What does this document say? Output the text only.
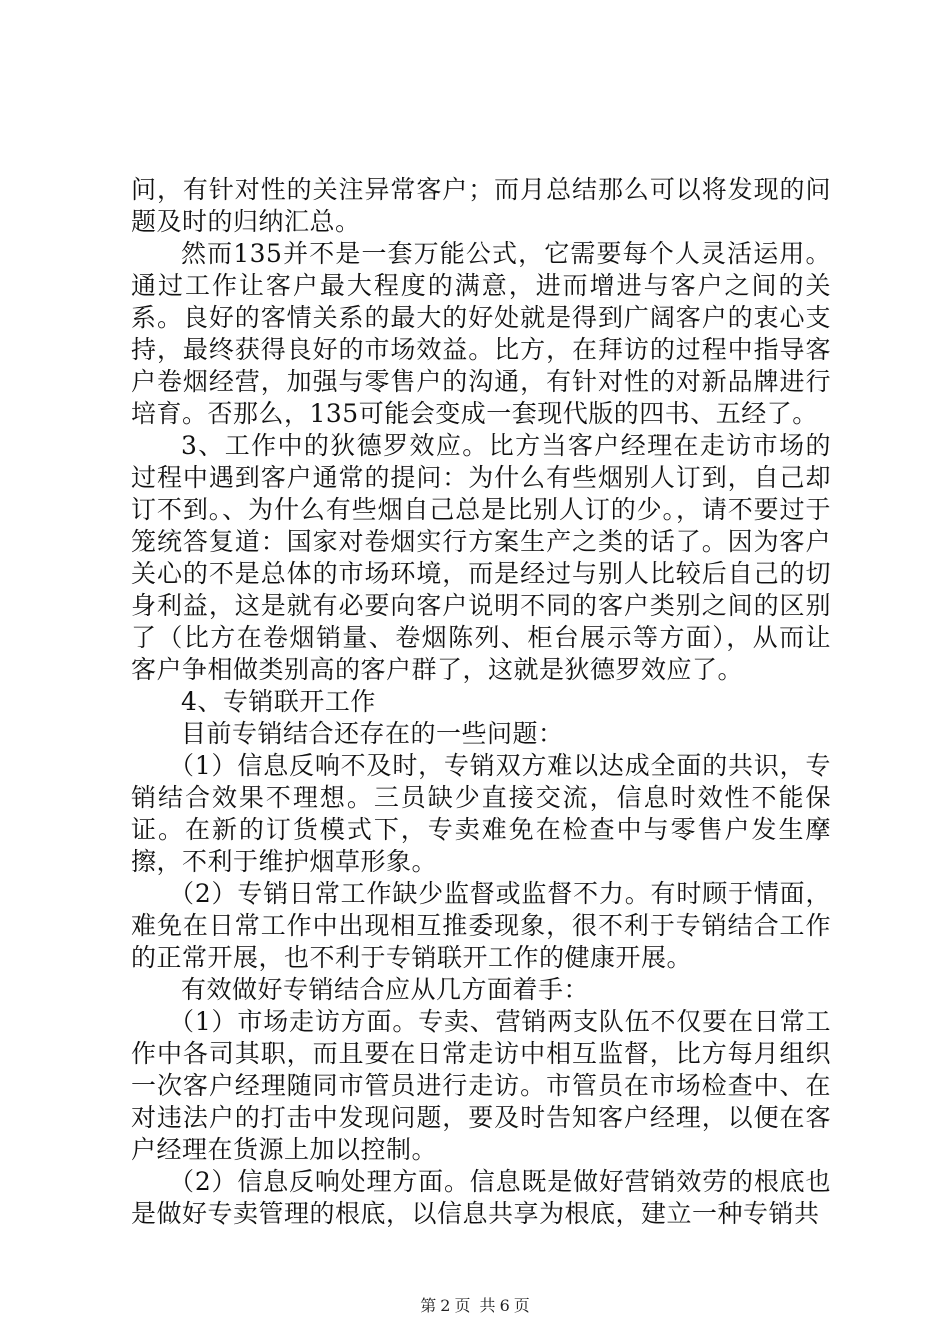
问，有针对性的关注异常客户；而月总结那么可以将发现的问题及时的归纳汇总。

然而135并不是一套万能公式，它需要每个人灵活运用。通过工作让客户最大程度的满意，进而增进与客户之间的关系。良好的客情关系的最大的好处就是得到广阔客户的衷心支持，最终获得良好的市场效益。比方，在拜访的过程中指导客户卷烟经营，加强与零售户的沟通，有针对性的对新品牌进行培育。否那么，135可能会变成一套现代版的四书、五经了。

3、工作中的狄德罗效应。比方当客户经理在走访市场的过程中遇到客户通常的提问：为什么有些烟别人订到，自己却订不到。、为什么有些烟自己总是比别人订的少。，请不要过于笼统答复道：国家对卷烟实行方案生产之类的话了。因为客户关心的不是总体的市场环境，而是经过与别人比较后自己的切身利益，这是就有必要向客户说明不同的客户类别之间的区别了（比方在卷烟销量、卷烟陈列、柜台展示等方面），从而让客户争相做类别高的客户群了，这就是狄德罗效应了。

4、专销联开工作

目前专销结合还存在的一些问题：

（1）信息反响不及时，专销双方难以达成全面的共识，专销结合效果不理想。三员缺少直接交流，信息时效性不能保证。在新的订货模式下，专卖难免在检查中与零售户发生摩擦，不利于维护烟草形象。

（2）专销日常工作缺少监督或监督不力。有时顾于情面，难免在日常工作中出现相互推委现象，很不利于专销结合工作的正常开展，也不利于专销联开工作的健康开展。

有效做好专销结合应从几方面着手：

（1）市场走访方面。专卖、营销两支队伍不仅要在日常工作中各司其职，而且要在日常走访中相互监督，比方每月组织一次客户经理随同市管员进行走访。市管员在市场检查中、在对违法户的打击中发现问题，要及时告知客户经理，以便在客户经理在货源上加以控制。

（2）信息反响处理方面。信息既是做好营销效劳的根底也是做好专卖管理的根底，以信息共享为根底，建立一种专销共

第 2 页 共 6 页
